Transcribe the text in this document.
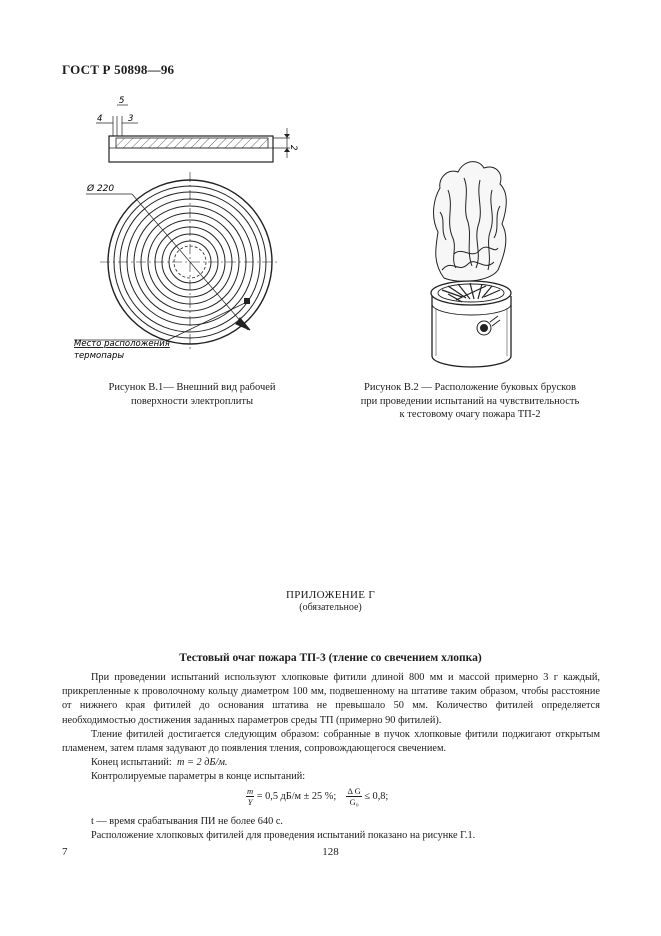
ГОСТ Р 50898—96
5
4	3
2
Ø 220
Место расположения
термопары
Рисунок В.1— Внешний вид рабочей
поверхности электроплиты
Рисунок В.2 — Расположение буковых брусков
при проведении испытаний на чувствительность
к тестовому очагу пожара ТП-2
ПРИЛОЖЕНИЕ Г
(обязательное)
Тестовый очаг пожара ТП-3 (тление со свечением хлопка)
При проведении испытаний используют хлопковые фитили длиной 800 мм и массой примерно 3 г каждый, прикрепленные к проволочному кольцу диаметром 100 мм, подвешенному на штативе таким образом, чтобы расстояние от нижнего края фитилей до основания штатива не превышало 50 мм. Количество фитилей определяется необходимостью достижения заданных параметров среды ТП (примерно 90 фитилей).
Тление фитилей достигается следующим образом: собранные в пучок хлопковые фитили поджигают открытым пламенем, затем пламя задувают до появления тления, сопровождающегося свечением.
Конец испытаний: m = 2 дБ/м.
Контролируемые параметры в конце испытаний:
$\frac{m}{Y} = 0,5$ дБ/м ± 25 %; $\frac{\text{Δ G}}{\text{G₀}} \le 0,8$;
t — время срабатывания ПИ не более 640 с.
Расположение хлопковых фитилей для проведения испытаний показано на рисунке Г.1.
7	128
